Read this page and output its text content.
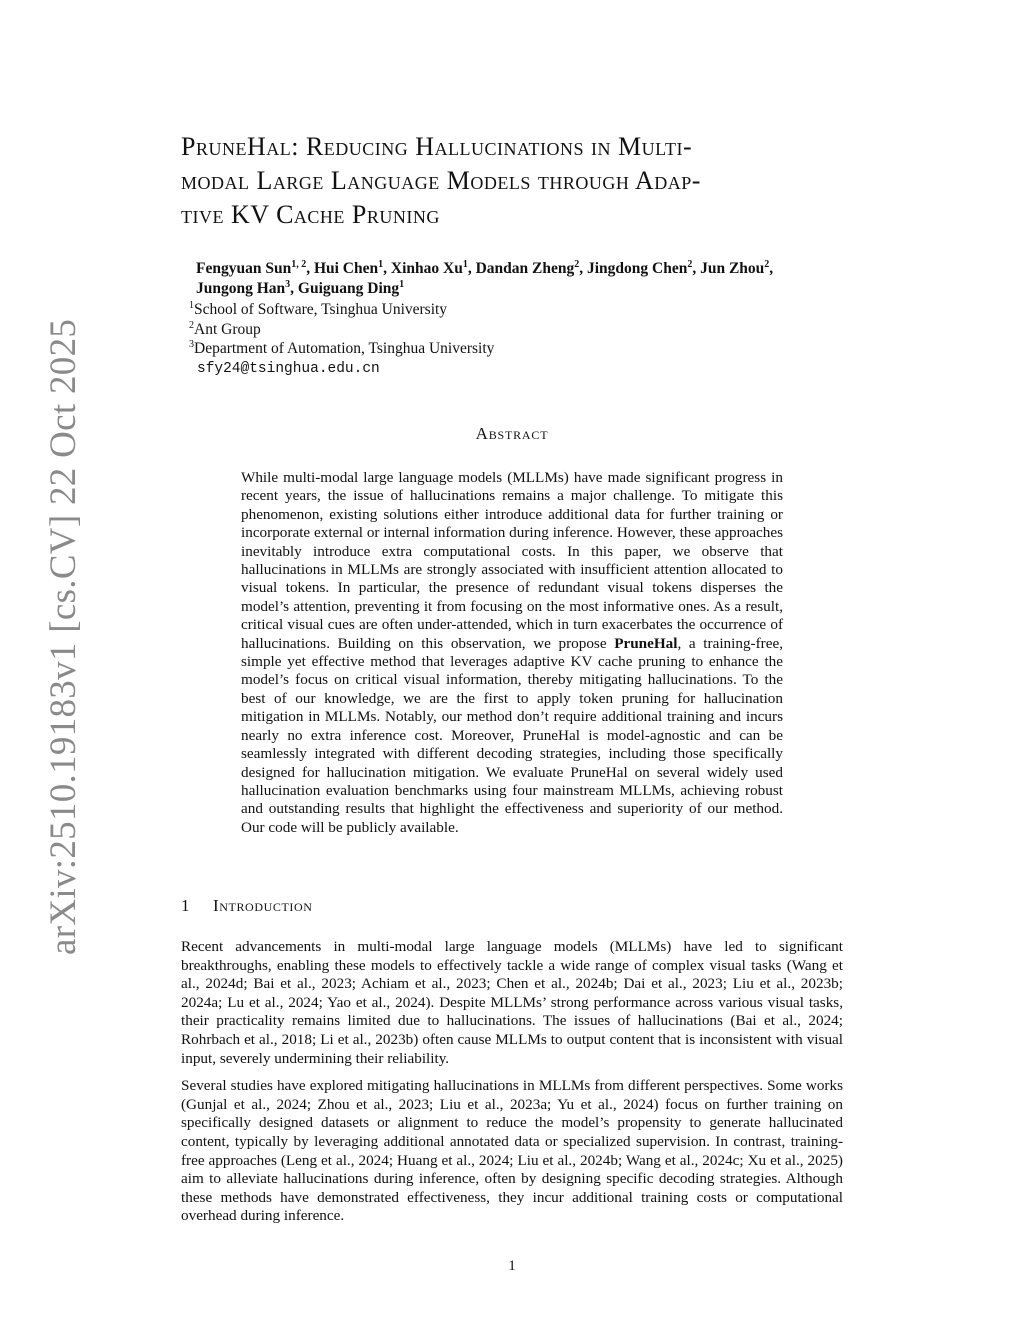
arXiv:2510.19183v1 [cs.CV] 22 Oct 2025
PruneHal: Reducing Hallucinations in Multi-
modal Large Language Models through Adap-
tive KV Cache Pruning
Fengyuan Sun$^{1, 2}$, Hui Chen$^1$, Xinhao Xu$^1$, Dandan Zheng$^2$, Jingdong Chen$^2$, Jun Zhou$^2$,
Jungong Han$^3$, Guiguang Ding$^1$
$^1$School of Software, Tsinghua University
$^2$Ant Group
$^3$Department of Automation, Tsinghua University
sfy24@tsinghua.edu.cn
Abstract
While multi-modal large language models (MLLMs) have made significant progress in recent years, the issue of hallucinations remains a major challenge. To mitigate this phenomenon, existing solutions either introduce additional data for further training or incorporate external or internal information during inference. However, these approaches inevitably introduce extra computational costs. In this paper, we observe that hallucinations in MLLMs are strongly associated with insufficient attention allocated to visual tokens. In particular, the presence of redundant visual tokens disperses the model’s attention, preventing it from focusing on the most informative ones. As a result, critical visual cues are often under-attended, which in turn exacerbates the occurrence of hallucinations. Building on this observation, we propose PruneHal, a training-free, simple yet effective method that leverages adaptive KV cache pruning to enhance the model’s focus on critical visual information, thereby mitigating hallucinations. To the best of our knowledge, we are the first to apply token pruning for hallucination mitigation in MLLMs. Notably, our method don’t require additional training and incurs nearly no extra inference cost. Moreover, PruneHal is model-agnostic and can be seamlessly integrated with different decoding strategies, including those specifically designed for hallucination mitigation. We evaluate PruneHal on several widely used hallucination evaluation benchmarks using four mainstream MLLMs, achieving robust and outstanding results that highlight the effectiveness and superiority of our method. Our code will be publicly available.
1 Introduction

Recent advancements in multi-modal large language models (MLLMs) have led to significant breakthroughs, enabling these models to effectively tackle a wide range of complex visual tasks (Wang et al., 2024d; Bai et al., 2023; Achiam et al., 2023; Chen et al., 2024b; Dai et al., 2023; Liu et al., 2023b; 2024a; Lu et al., 2024; Yao et al., 2024). Despite MLLMs’ strong performance across various visual tasks, their practicality remains limited due to hallucinations. The issues of hallucinations (Bai et al., 2024; Rohrbach et al., 2018; Li et al., 2023b) often cause MLLMs to output content that is inconsistent with visual input, severely undermining their reliability.

Several studies have explored mitigating hallucinations in MLLMs from different perspectives. Some works (Gunjal et al., 2024; Zhou et al., 2023; Liu et al., 2023a; Yu et al., 2024) focus on further training on specifically designed datasets or alignment to reduce the model’s propensity to generate hallucinated content, typically by leveraging additional annotated data or specialized supervision. In contrast, training-free approaches (Leng et al., 2024; Huang et al., 2024; Liu et al., 2024b; Wang et al., 2024c; Xu et al., 2025) aim to alleviate hallucinations during inference, often by designing specific decoding strategies. Although these methods have demonstrated effectiveness, they incur additional training costs or computational overhead during inference.

1
